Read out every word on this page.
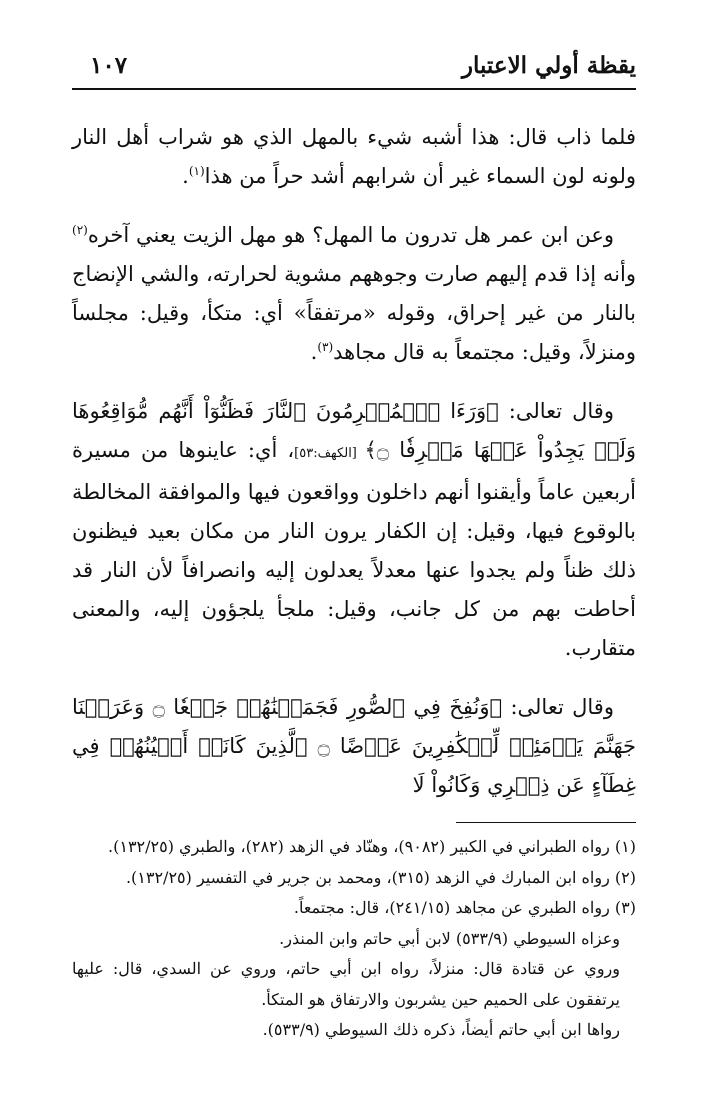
يقظة أولي الاعتبار
١٠٧

فلما ذاب قال: هذا أشبه شيء بالمهل الذي هو شراب أهل النار ولونه لون السماء غير أن شرابهم أشد حراً من هذا$^{(١)}$.

وعن ابن عمر هل تدرون ما المهل؟ هو مهل الزيت يعني آخره$^{(٢)}$ وأنه إذا قدم إليهم صارت وجوههم مشوية لحرارته، والشي الإنضاج بالنار من غير إحراق، وقوله «مرتفقاً» أي: متكأ، وقيل: مجلساً ومنزلاً، وقيل: مجتمعاً به قال مجاهد$^{(٣)}$.

وقال تعالى: ﴿وَرَءَا ٱلۡمُجۡرِمُونَ ٱلنَّارَ فَظَنُّوٓاْ أَنَّهُم مُّوَاقِعُوهَا وَلَمۡ يَجِدُواْ عَنۡهَا مَصۡرِفٗا ۝﴾ [الكهف:٥٣]، أي: عاينوها من مسيرة أربعين عاماً وأيقنوا أنهم داخلون وواقعون فيها والموافقة المخالطة بالوقوع فيها، وقيل: إن الكفار يرون النار من مكان بعيد فيظنون ذلك ظناً ولم يجدوا عنها معدلاً يعدلون إليه وانصرافاً لأن النار قد أحاطت بهم من كل جانب، وقيل: ملجأ يلجؤون إليه، والمعنى متقارب.

وقال تعالى: ﴿وَنُفِخَ فِي ٱلصُّورِ فَجَمَعۡنَٰهُمۡ جَمۡعٗا ۝ وَعَرَضۡنَا جَهَنَّمَ يَوۡمَئِذٖ لِّلۡكَٰفِرِينَ عَرۡضًا ۝ ٱلَّذِينَ كَانَتۡ أَعۡيُنُهُمۡ فِي غِطَآءٍ عَن ذِكۡرِي وَكَانُواْ لَا

(١) رواه الطبراني في الكبير (٩٠٨٢)، وهنّاد في الزهد (٢٨٢)، والطبري (١٣٢/٢٥).

(٢) رواه ابن المبارك في الزهد (٣١٥)، ومحمد بن جرير في التفسير (١٣٢/٢٥).

(٣) رواه الطبري عن مجاهد (٢٤١/١٥)، قال: مجتمعاً.

وعزاه السيوطي (٥٣٣/٩) لابن أبي حاتم وابن المنذر.

وروي عن قتادة قال: منزلاً، رواه ابن أبي حاتم، وروي عن السدي، قال: عليها يرتفقون على الحميم حين يشربون والارتفاق هو المتكأ.

رواها ابن أبي حاتم أيضاً، ذكره ذلك السيوطي (٥٣٣/٩).
